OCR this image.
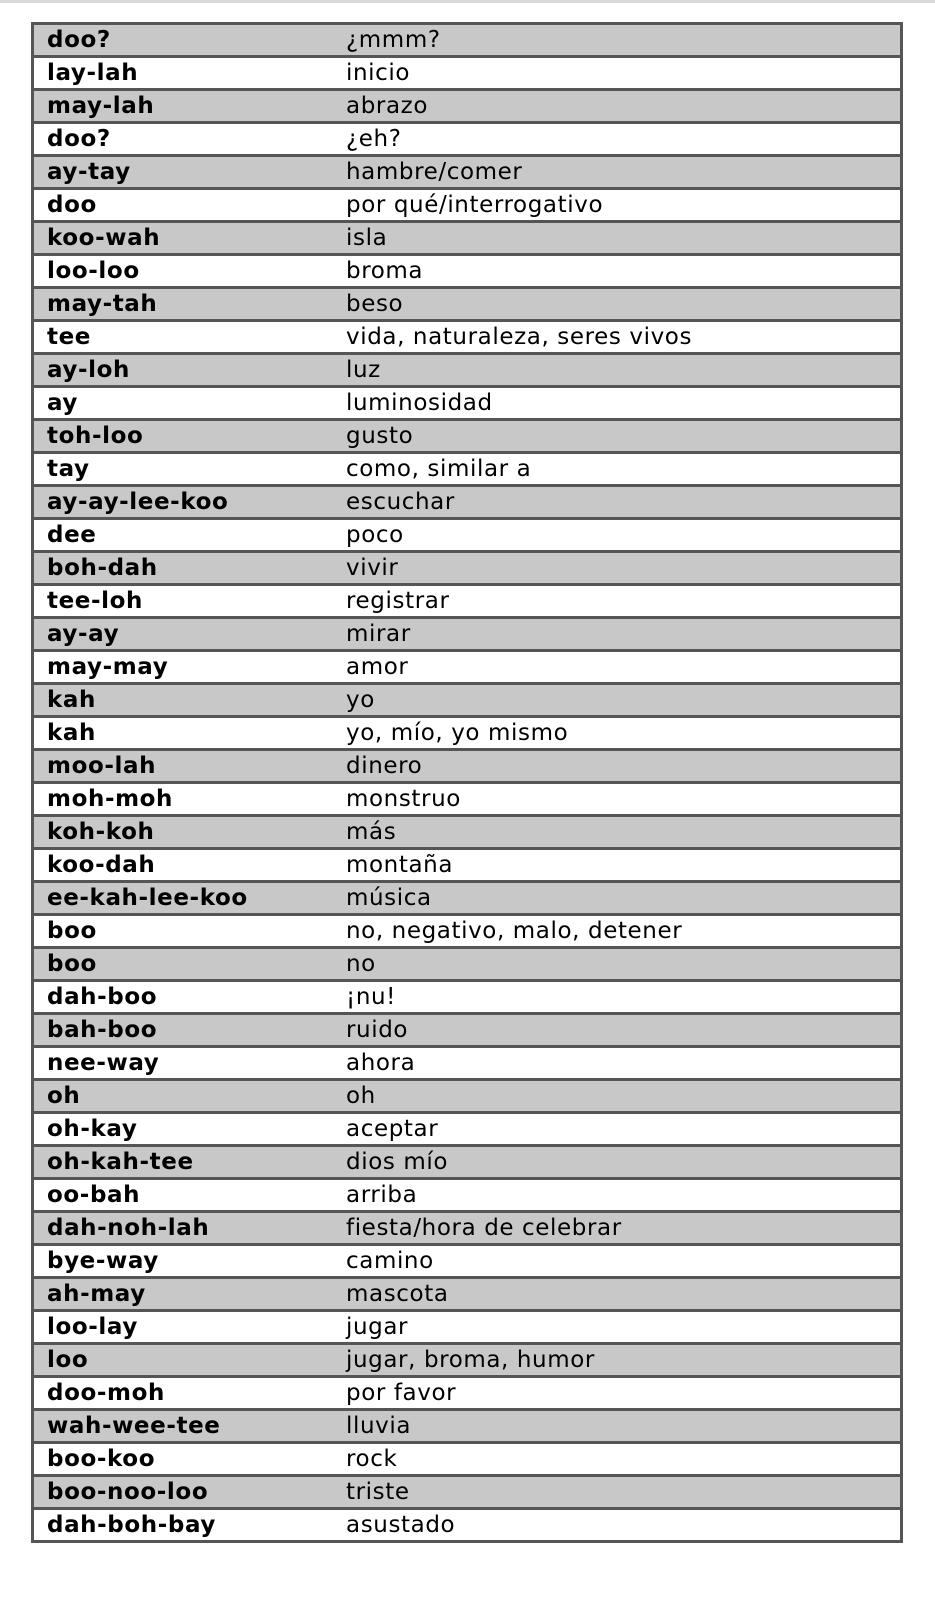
doo?	¿mmm?
lay-lah	inicio
may-lah	abrazo
doo?	¿eh?
ay-tay	hambre/comer
doo	por qué/interrogativo
koo-wah	isla
loo-loo	broma
may-tah	beso
tee	vida, naturaleza, seres vivos
ay-loh	luz
ay	luminosidad
toh-loo	gusto
tay	como, similar a
ay-ay-lee-koo	escuchar
dee	poco
boh-dah	vivir
tee-loh	registrar
ay-ay	mirar
may-may	amor
kah	yo
kah	yo, mío, yo mismo
moo-lah	dinero
moh-moh	monstruo
koh-koh	más
koo-dah	montaña
ee-kah-lee-koo	música
boo	no, negativo, malo, detener
boo	no
dah-boo	¡nu!
bah-boo	ruido
nee-way	ahora
oh	oh
oh-kay	aceptar
oh-kah-tee	dios mío
oo-bah	arriba
dah-noh-lah	fiesta/hora de celebrar
bye-way	camino
ah-may	mascota
loo-lay	jugar
loo	jugar, broma, humor
doo-moh	por favor
wah-wee-tee	lluvia
boo-koo	rock
boo-noo-loo	triste
dah-boh-bay	asustado
